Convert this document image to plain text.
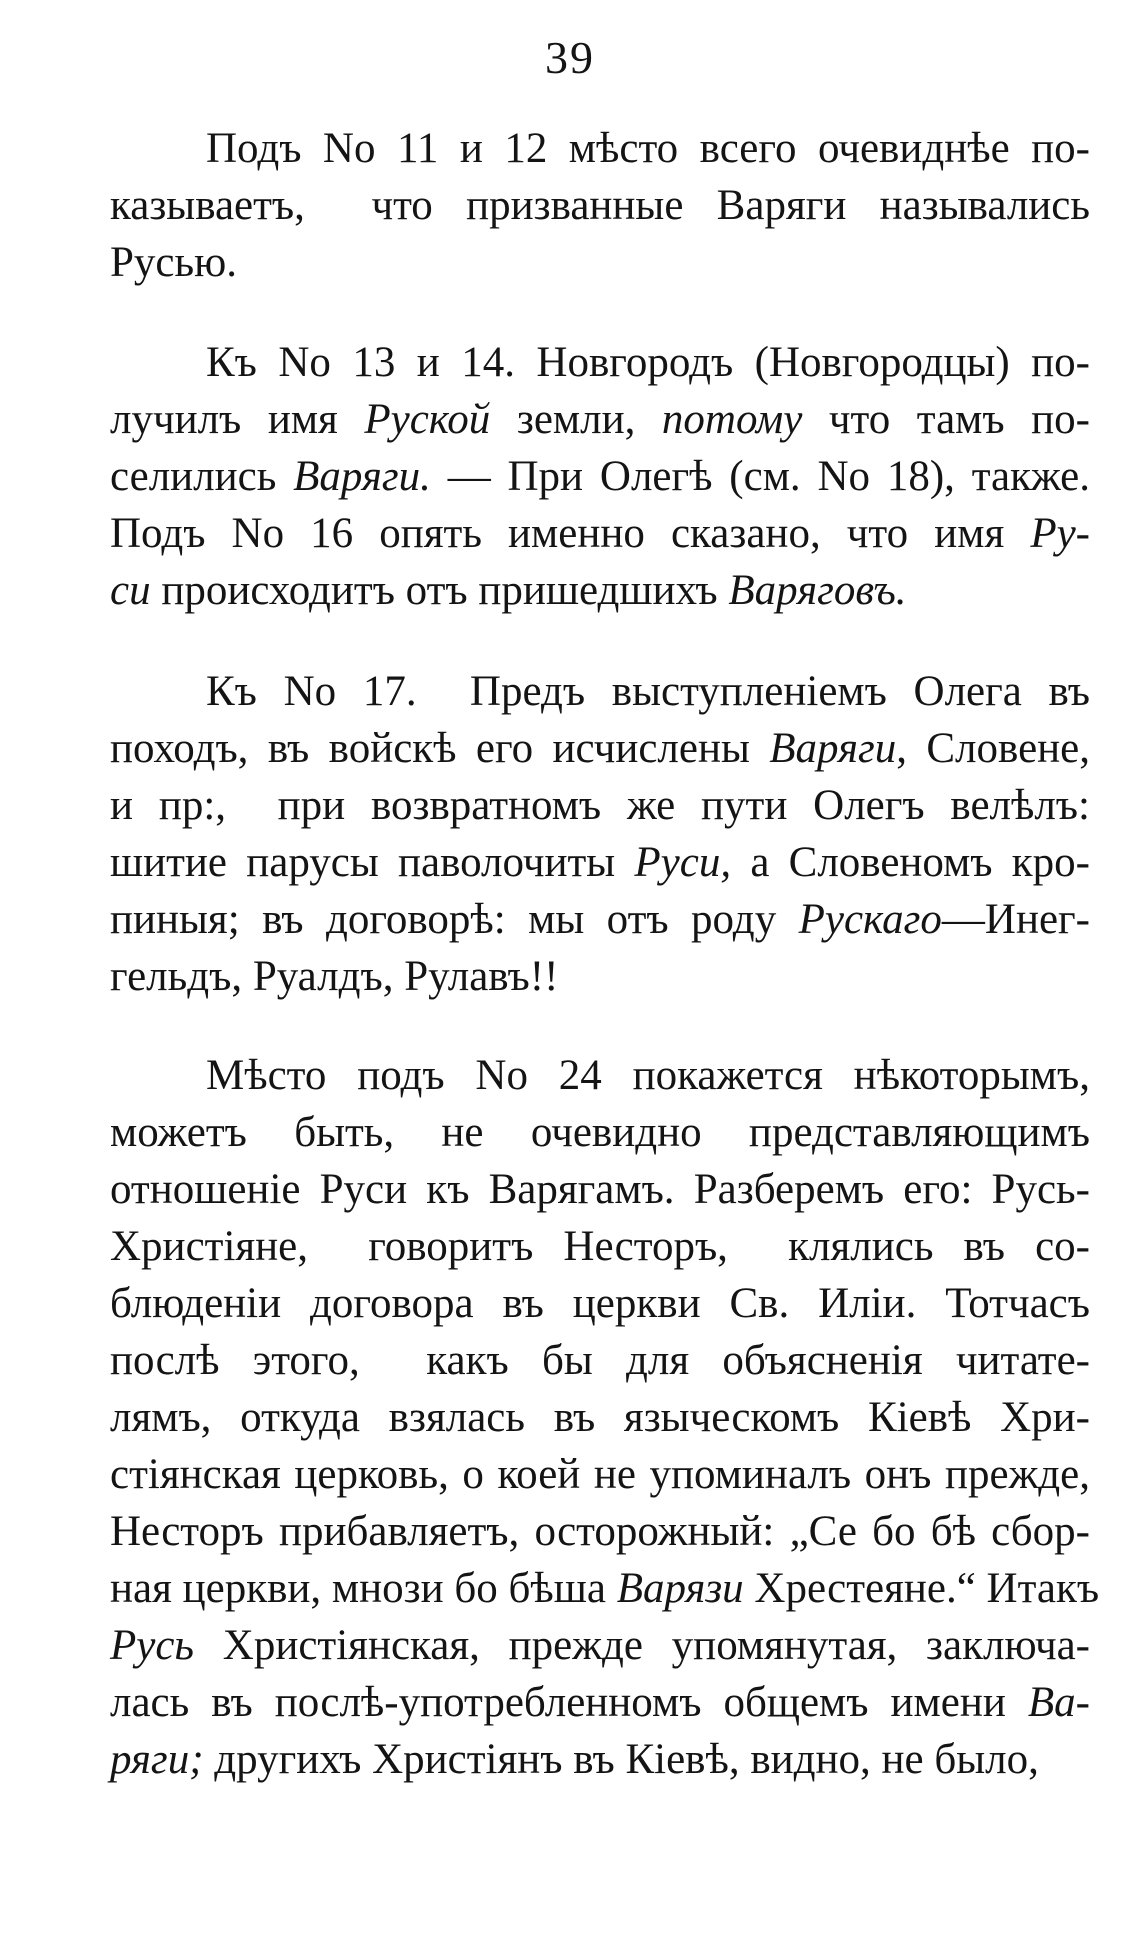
39
Подъ No 11 и 12 мѣсто всего очевиднѣе по-
казываетъ,  что призванные Варяги назывались
Русью.
Къ No 13 и 14. Новгородъ (Новгородцы) по-
лучилъ имя Руской земли, потому что тамъ по-
селились Варяги. — При Олегѣ (см. No 18), также.
Подъ No 16 опять именно сказано, что имя Ру-
си происходитъ отъ пришедшихъ Варяговъ.
Къ No 17.  Предъ выступленіемъ Олега въ
походъ, въ войскѣ его исчислены Варяги, Словене,
и пр:,  при возвратномъ же пути Олегъ велѣлъ:
шитие парусы паволочиты Руси, а Словеномъ кро-
пиныя; въ договорѣ: мы отъ роду Рускаго—Инег-
гельдъ, Руалдъ, Рулавъ!!
Мѣсто подъ No 24 покажется нѣкоторымъ,
можетъ быть, не очевидно представляющимъ
отношеніе Руси къ Варягамъ. Разберемъ его: Русь-
Христіяне,  говоритъ Несторъ,  клялись въ со-
блюденіи договора въ церкви Св. Иліи. Тотчасъ
послѣ этого,  какъ бы для объясненія читате-
лямъ, откуда взялась въ языческомъ Кіевѣ Хри-
стіянская церковь, о коей не упоминалъ онъ прежде,
Несторъ прибавляетъ, осторожный: „Се бо бѣ сбор-
ная церкви, мнози бо бѣша Варязи Хрестеяне.“ Итакъ
Русь Христіянская, прежде упомянутая, заключа-
лась въ послѣ-употребленномъ общемъ имени Ва-
ряги; другихъ Христіянъ въ Кіевѣ, видно, не было,
